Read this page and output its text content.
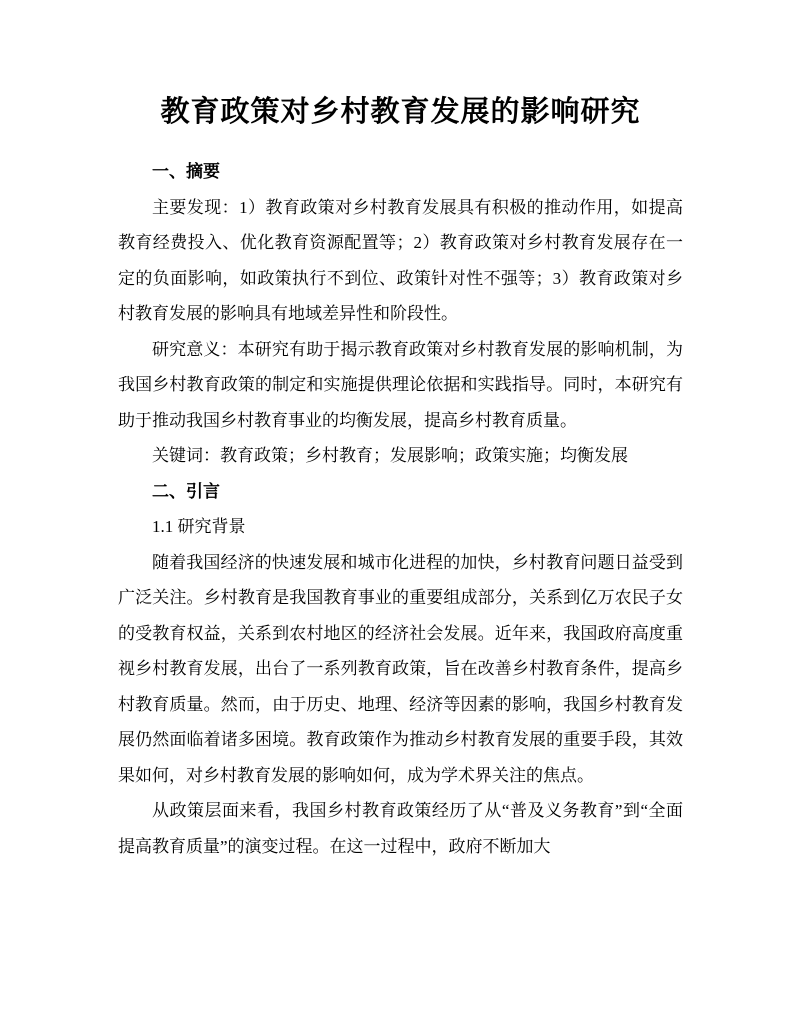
教育政策对乡村教育发展的影响研究
一、摘要

主要发现：1）教育政策对乡村教育发展具有积极的推动作用，如提高教育经费投入、优化教育资源配置等；2）教育政策对乡村教育发展存在一定的负面影响，如政策执行不到位、政策针对性不强等；3）教育政策对乡村教育发展的影响具有地域差异性和阶段性。

研究意义：本研究有助于揭示教育政策对乡村教育发展的影响机制，为我国乡村教育政策的制定和实施提供理论依据和实践指导。同时，本研究有助于推动我国乡村教育事业的均衡发展，提高乡村教育质量。

关键词：教育政策；乡村教育；发展影响；政策实施；均衡发展

二、引言

1.1 研究背景

随着我国经济的快速发展和城市化进程的加快，乡村教育问题日益受到广泛关注。乡村教育是我国教育事业的重要组成部分，关系到亿万农民子女的受教育权益，关系到农村地区的经济社会发展。近年来，我国政府高度重视乡村教育发展，出台了一系列教育政策，旨在改善乡村教育条件，提高乡村教育质量。然而，由于历史、地理、经济等因素的影响，我国乡村教育发展仍然面临着诸多困境。教育政策作为推动乡村教育发展的重要手段，其效果如何，对乡村教育发展的影响如何，成为学术界关注的焦点。

从政策层面来看，我国乡村教育政策经历了从“普及义务教育”到“全面提高教育质量”的演变过程。在这一过程中，政府不断加大
